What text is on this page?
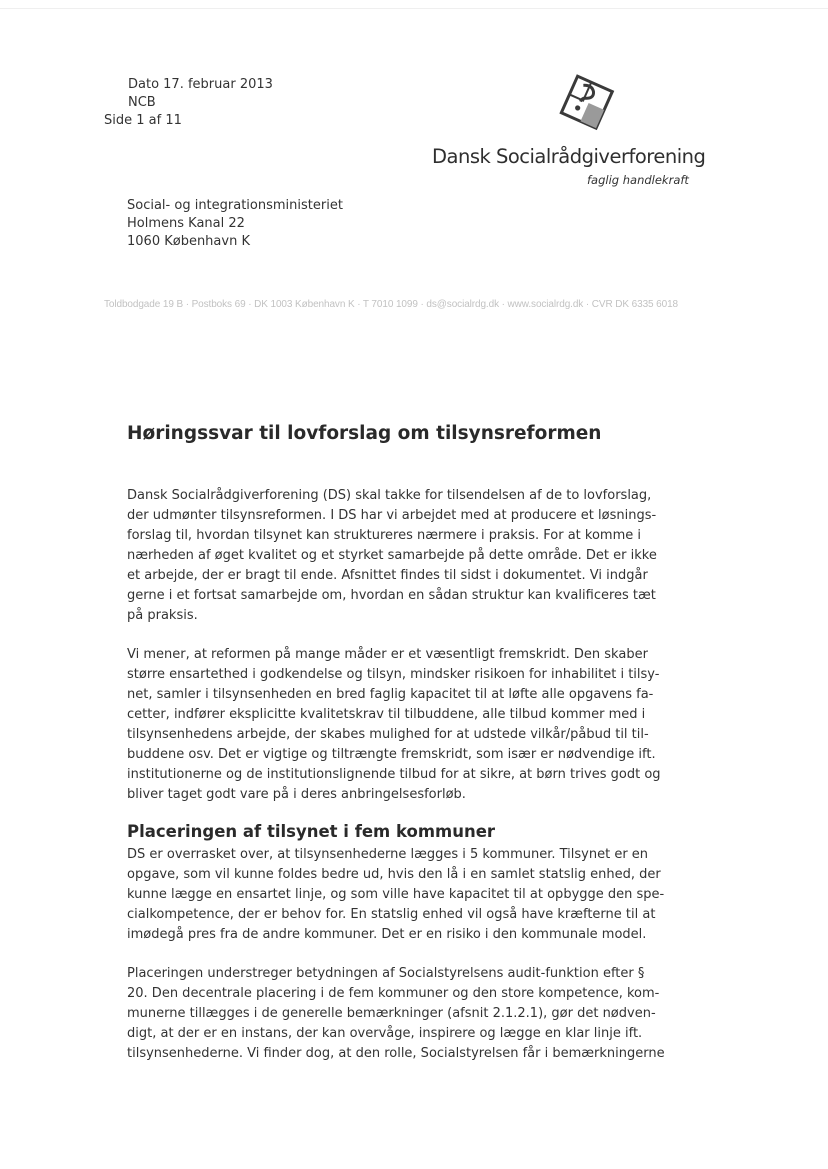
Dato 17. februar 2013
NCB
Side 1 af 11
Dansk Socialrådgiverforening
faglig handlekraft
Social- og integrationsministeriet
Holmens Kanal 22
1060 København K
Toldbodgade 19 B · Postboks 69 · DK 1003 København K · T 7010 1099 · ds@socialrdg.dk · www.socialrdg.dk · CVR DK 6335 6018
Høringssvar til lovforslag om tilsynsreformen
Dansk Socialrådgiverforening (DS) skal takke for tilsendelsen af de to lovforslag,
der udmønter tilsynsreformen. I DS har vi arbejdet med at producere et løsnings-
forslag til, hvordan tilsynet kan struktureres nærmere i praksis. For at komme i
nærheden af øget kvalitet og et styrket samarbejde på dette område. Det er ikke
et arbejde, der er bragt til ende. Afsnittet findes til sidst i dokumentet. Vi indgår
gerne i et fortsat samarbejde om, hvordan en sådan struktur kan kvalificeres tæt
på praksis.
Vi mener, at reformen på mange måder er et væsentligt fremskridt. Den skaber
større ensartethed i godkendelse og tilsyn, mindsker risikoen for inhabilitet i tilsy-
net, samler i tilsynsenheden en bred faglig kapacitet til at løfte alle opgavens fa-
cetter, indfører eksplicitte kvalitetskrav til tilbuddene, alle tilbud kommer med i
tilsynsenhedens arbejde, der skabes mulighed for at udstede vilkår/påbud til til-
buddene osv. Det er vigtige og tiltrængte fremskridt, som især er nødvendige ift.
institutionerne og de institutionslignende tilbud for at sikre, at børn trives godt og
bliver taget godt vare på i deres anbringelsesforløb.
Placeringen af tilsynet i fem kommuner
DS er overrasket over, at tilsynsenhederne lægges i 5 kommuner. Tilsynet er en
opgave, som vil kunne foldes bedre ud, hvis den lå i en samlet statslig enhed, der
kunne lægge en ensartet linje, og som ville have kapacitet til at opbygge den spe-
cialkompetence, der er behov for. En statslig enhed vil også have kræfterne til at
imødegå pres fra de andre kommuner. Det er en risiko i den kommunale model.
Placeringen understreger betydningen af Socialstyrelsens audit-funktion efter §
20. Den decentrale placering i de fem kommuner og den store kompetence, kom-
munerne tillægges i de generelle bemærkninger (afsnit 2.1.2.1), gør det nødven-
digt, at der er en instans, der kan overvåge, inspirere og lægge en klar linje ift.
tilsynsenhederne. Vi finder dog, at den rolle, Socialstyrelsen får i bemærkningerne
